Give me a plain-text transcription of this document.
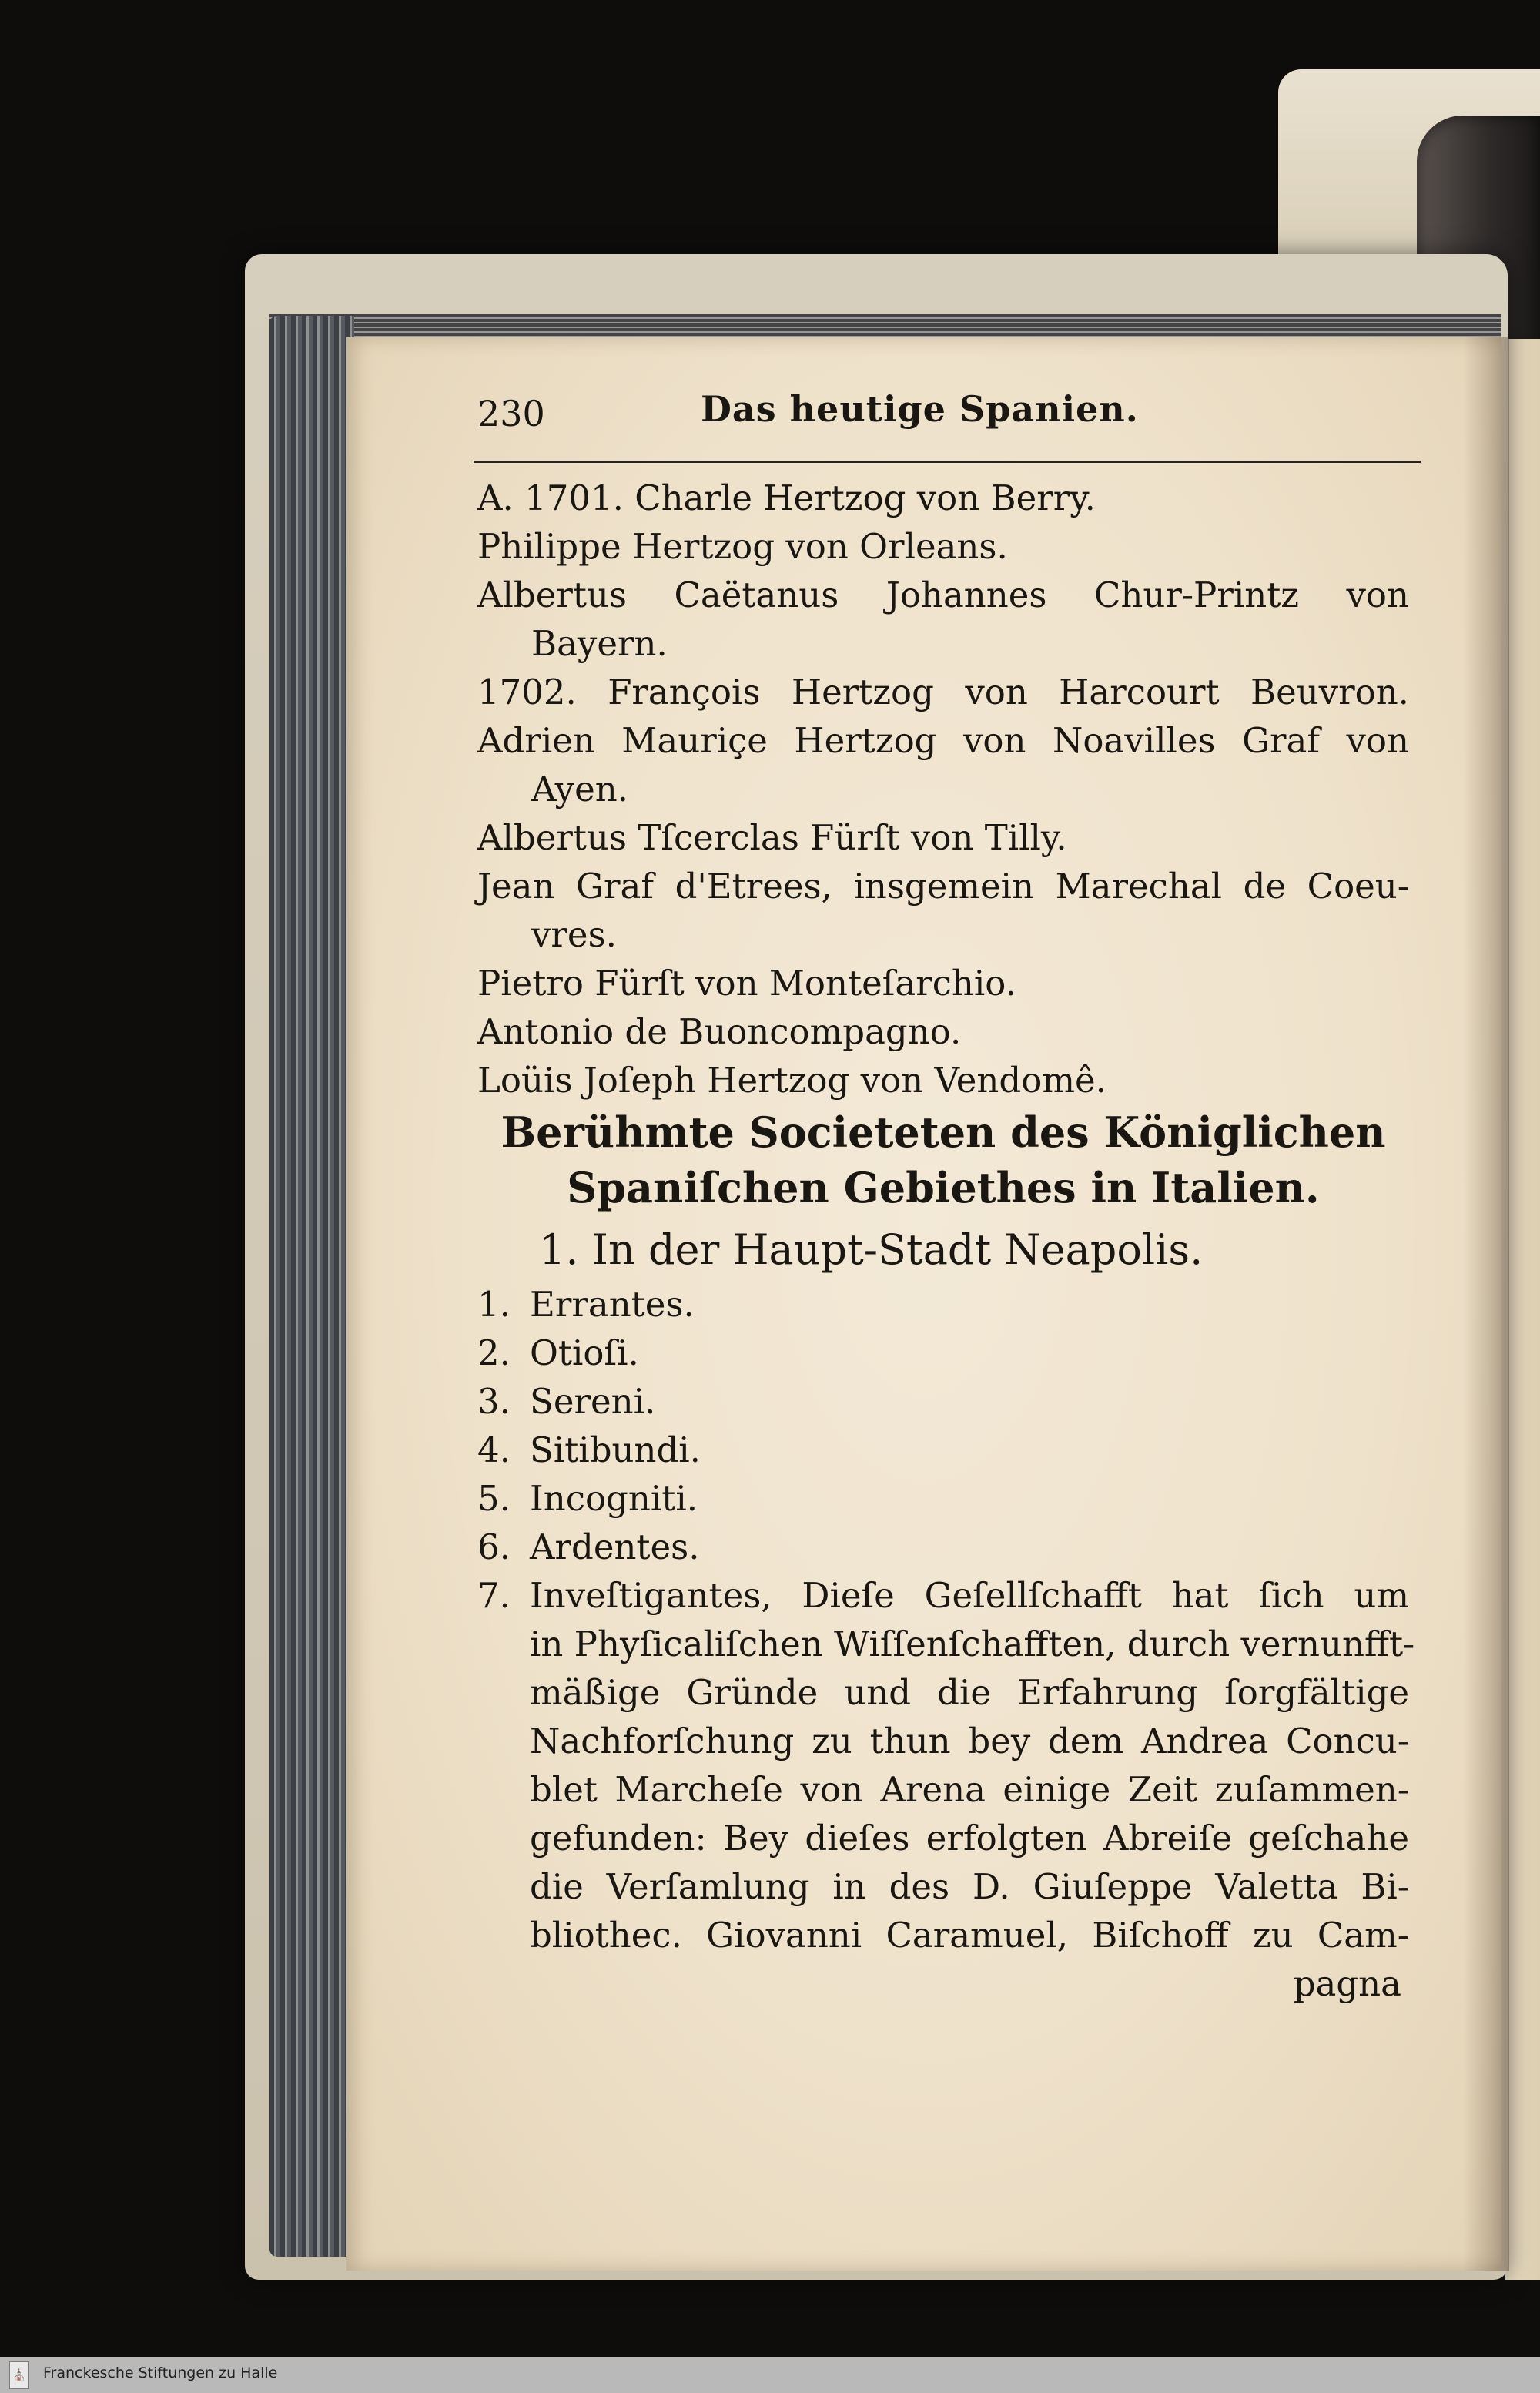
230	Das heutige Spanien.
A. 1701. Charle Hertzog von Berry.
Philippe Hertzog von Orleans.
Albertus Caëtanus Johannes Chur-Printz von
Bayern.
1702. François Hertzog von Harcourt Beuvron.
Adrien Mauriçe Hertzog von Noavilles Graf von
Ayen.
Albertus Tſcerclas Fürſt von Tilly.
Jean Graf d'Etrees, insgemein Marechal de Coeu-
vres.
Pietro Fürſt von Monteſarchio.
Antonio de Buoncompagno.
Loüis Joſeph Hertzog von Vendomê.
Berühmte Societeten des Königlichen
Spaniſchen Gebiethes in Italien.
1. In der Haupt-Stadt Neapolis.
1. Errantes.
2. Otioſi.
3. Sereni.
4. Sitibundi.
5. Incogniti.
6. Ardentes.
7. Inveſtigantes, Dieſe Geſellſchafft hat ſich um
in Phyſicaliſchen Wiſſenſchafften, durch vernunfft-
mäßige Gründe und die Erfahrung ſorgfältige
Nachforſchung zu thun bey dem Andrea Concu-
blet Marcheſe von Arena einige Zeit zuſammen-
gefunden: Bey dieſes erfolgten Abreiſe geſchahe
die Verſamlung in des D. Giuſeppe Valetta Bi-
bliothec. Giovanni Caramuel, Biſchoff zu Cam-
pagna
⛪ Franckesche Stiftungen zu Halle
